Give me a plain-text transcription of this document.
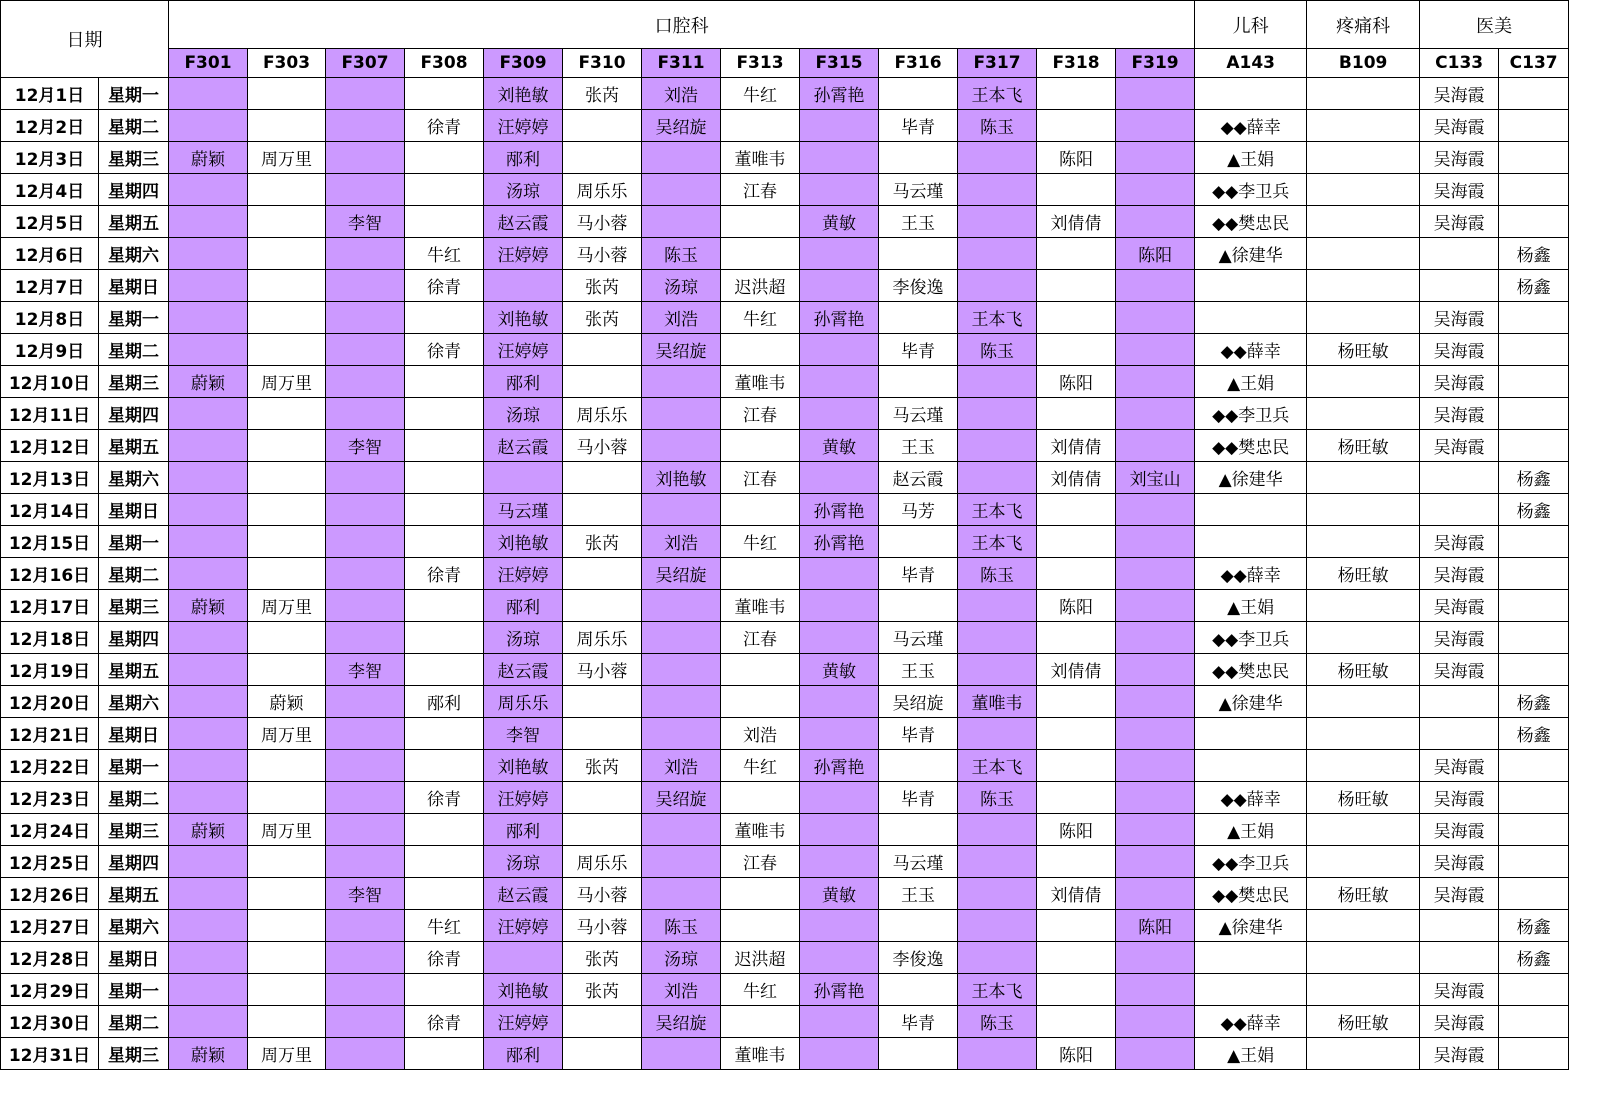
日期		口腔科													儿科	疼痛科	医美	
		F301	F303	F307	F308	F309	F310	F311	F313	F315	F316	F317	F318	F319	A143	B109	C133	C137
12月1日	星期一					刘艳敏	张芮	刘浩	牛红	孙霄艳		王本飞					吴海霞	
12月2日	星期二				徐青	汪婷婷		吴绍旋			毕青	陈玉			◆◆薛幸		吴海霞	
12月3日	星期三	蔚颖	周万里			邴利			董唯韦				陈阳		▲王娟		吴海霞	
12月4日	星期四					汤琼	周乐乐		江春		马云瑾				◆◆李卫兵		吴海霞	
12月5日	星期五			李智		赵云霞	马小蓉			黄敏	王玉		刘倩倩		◆◆樊忠民		吴海霞	
12月6日	星期六				牛红	汪婷婷	马小蓉	陈玉						陈阳	▲徐建华			杨鑫
12月7日	星期日				徐青		张芮	汤琼	迟洪超		李俊逸							杨鑫
12月8日	星期一					刘艳敏	张芮	刘浩	牛红	孙霄艳		王本飞					吴海霞	
12月9日	星期二				徐青	汪婷婷		吴绍旋			毕青	陈玉			◆◆薛幸	杨旺敏	吴海霞	
12月10日	星期三	蔚颖	周万里			邴利			董唯韦				陈阳		▲王娟		吴海霞	
12月11日	星期四					汤琼	周乐乐		江春		马云瑾				◆◆李卫兵		吴海霞	
12月12日	星期五			李智		赵云霞	马小蓉			黄敏	王玉		刘倩倩		◆◆樊忠民	杨旺敏	吴海霞	
12月13日	星期六							刘艳敏	江春		赵云霞		刘倩倩	刘宝山	▲徐建华			杨鑫
12月14日	星期日					马云瑾				孙霄艳	马芳	王本飞						杨鑫
12月15日	星期一					刘艳敏	张芮	刘浩	牛红	孙霄艳		王本飞					吴海霞	
12月16日	星期二				徐青	汪婷婷		吴绍旋			毕青	陈玉			◆◆薛幸	杨旺敏	吴海霞	
12月17日	星期三	蔚颖	周万里			邴利			董唯韦				陈阳		▲王娟		吴海霞	
12月18日	星期四					汤琼	周乐乐		江春		马云瑾				◆◆李卫兵		吴海霞	
12月19日	星期五			李智		赵云霞	马小蓉			黄敏	王玉		刘倩倩		◆◆樊忠民	杨旺敏	吴海霞	
12月20日	星期六		蔚颖		邴利	周乐乐					吴绍旋	董唯韦			▲徐建华			杨鑫
12月21日	星期日		周万里			李智			刘浩		毕青							杨鑫
12月22日	星期一					刘艳敏	张芮	刘浩	牛红	孙霄艳		王本飞					吴海霞	
12月23日	星期二				徐青	汪婷婷		吴绍旋			毕青	陈玉			◆◆薛幸	杨旺敏	吴海霞	
12月24日	星期三	蔚颖	周万里			邴利			董唯韦				陈阳		▲王娟		吴海霞	
12月25日	星期四					汤琼	周乐乐		江春		马云瑾				◆◆李卫兵		吴海霞	
12月26日	星期五			李智		赵云霞	马小蓉			黄敏	王玉		刘倩倩		◆◆樊忠民	杨旺敏	吴海霞	
12月27日	星期六				牛红	汪婷婷	马小蓉	陈玉						陈阳	▲徐建华			杨鑫
12月28日	星期日				徐青		张芮	汤琼	迟洪超		李俊逸							杨鑫
12月29日	星期一					刘艳敏	张芮	刘浩	牛红	孙霄艳		王本飞					吴海霞	
12月30日	星期二				徐青	汪婷婷		吴绍旋			毕青	陈玉			◆◆薛幸	杨旺敏	吴海霞	
12月31日	星期三	蔚颖	周万里			邴利			董唯韦				陈阳		▲王娟		吴海霞	
